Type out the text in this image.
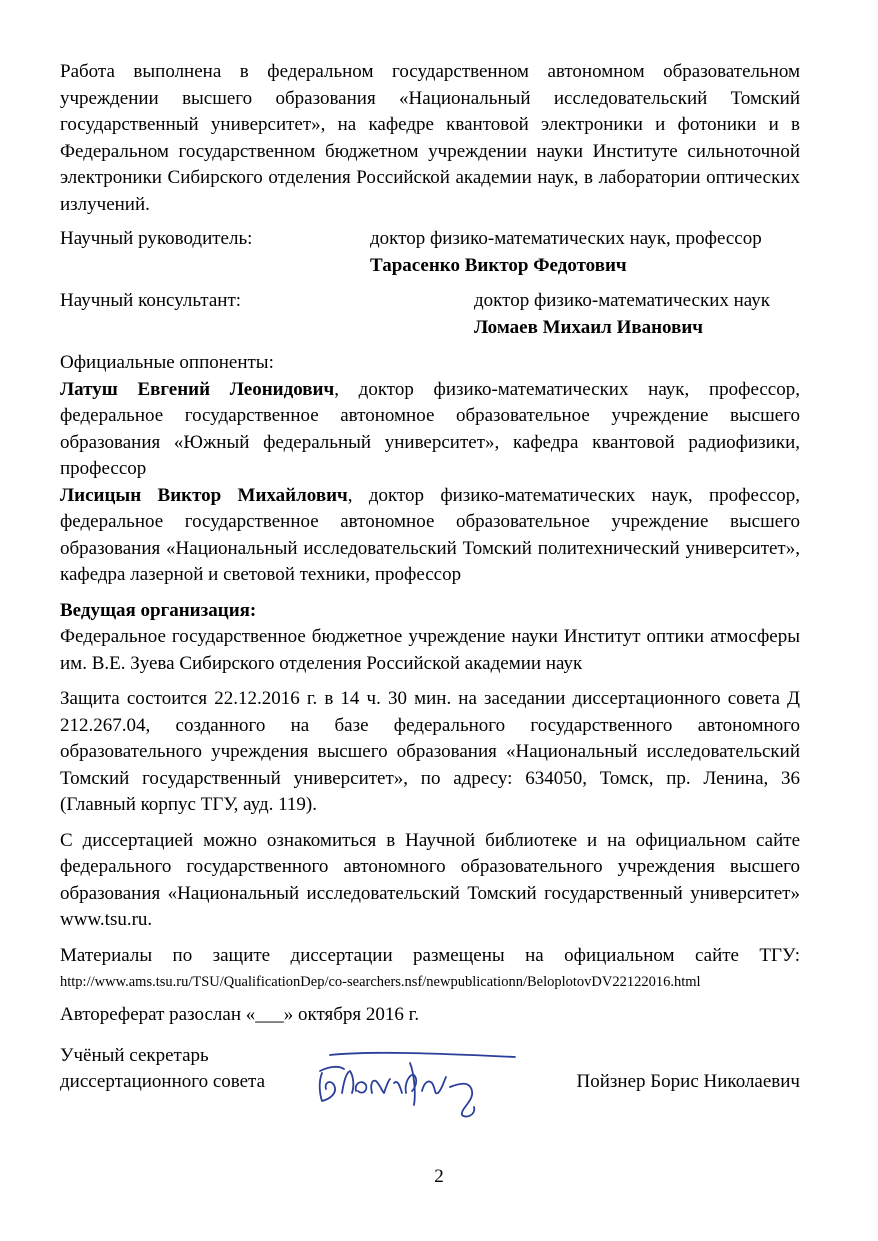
Работа выполнена в федеральном государственном автономном образовательном учреждении высшего образования «Национальный исследовательский Томский государственный университет», на кафедре квантовой электроники и фотоники и в Федеральном государственном бюджетном учреждении науки Институте сильноточной электроники Сибирского отделения Российской академии наук, в лаборатории оптических излучений.

Научный руководитель:	доктор физико-математических наук, профессор
Тарасенко Виктор Федотович
Научный консультант:	доктор физико-математических наук
Ломаев Михаил Иванович

Официальные оппоненты:

Латуш Евгений Леонидович, доктор физико-математических наук, профессор, федеральное государственное автономное образовательное учреждение высшего образования «Южный федеральный университет», кафедра квантовой радиофизики, профессор

Лисицын Виктор Михайлович, доктор физико-математических наук, профессор, федеральное государственное автономное образовательное учреждение высшего образования «Национальный исследовательский Томский политехнический университет», кафедра лазерной и световой техники, профессор

Ведущая организация:

Федеральное государственное бюджетное учреждение науки Институт оптики атмосферы им. В.Е. Зуева Сибирского отделения Российской академии наук

Защита состоится 22.12.2016 г. в 14 ч. 30 мин. на заседании диссертационного совета Д 212.267.04, созданного на базе федерального государственного автономного образовательного учреждения высшего образования «Национальный исследовательский Томский государственный университет», по адресу: 634050, Томск, пр. Ленина, 36 (Главный корпус ТГУ, ауд. 119).

С диссертацией можно ознакомиться в Научной библиотеке и на официальном сайте федерального государственного автономного образовательного учреждения высшего образования «Национальный исследовательский Томский государственный университет» www.tsu.ru.

Материалы по защите диссертации размещены на официальном сайте ТГУ:

http://www.ams.tsu.ru/TSU/QualificationDep/co-searchers.nsf/newpublicationn/BeloplotovDV22122016.html

Автореферат разослан «___» октября 2016 г.

Учёный секретарь
диссертационного совета	Пойзнер Борис Николаевич
2
